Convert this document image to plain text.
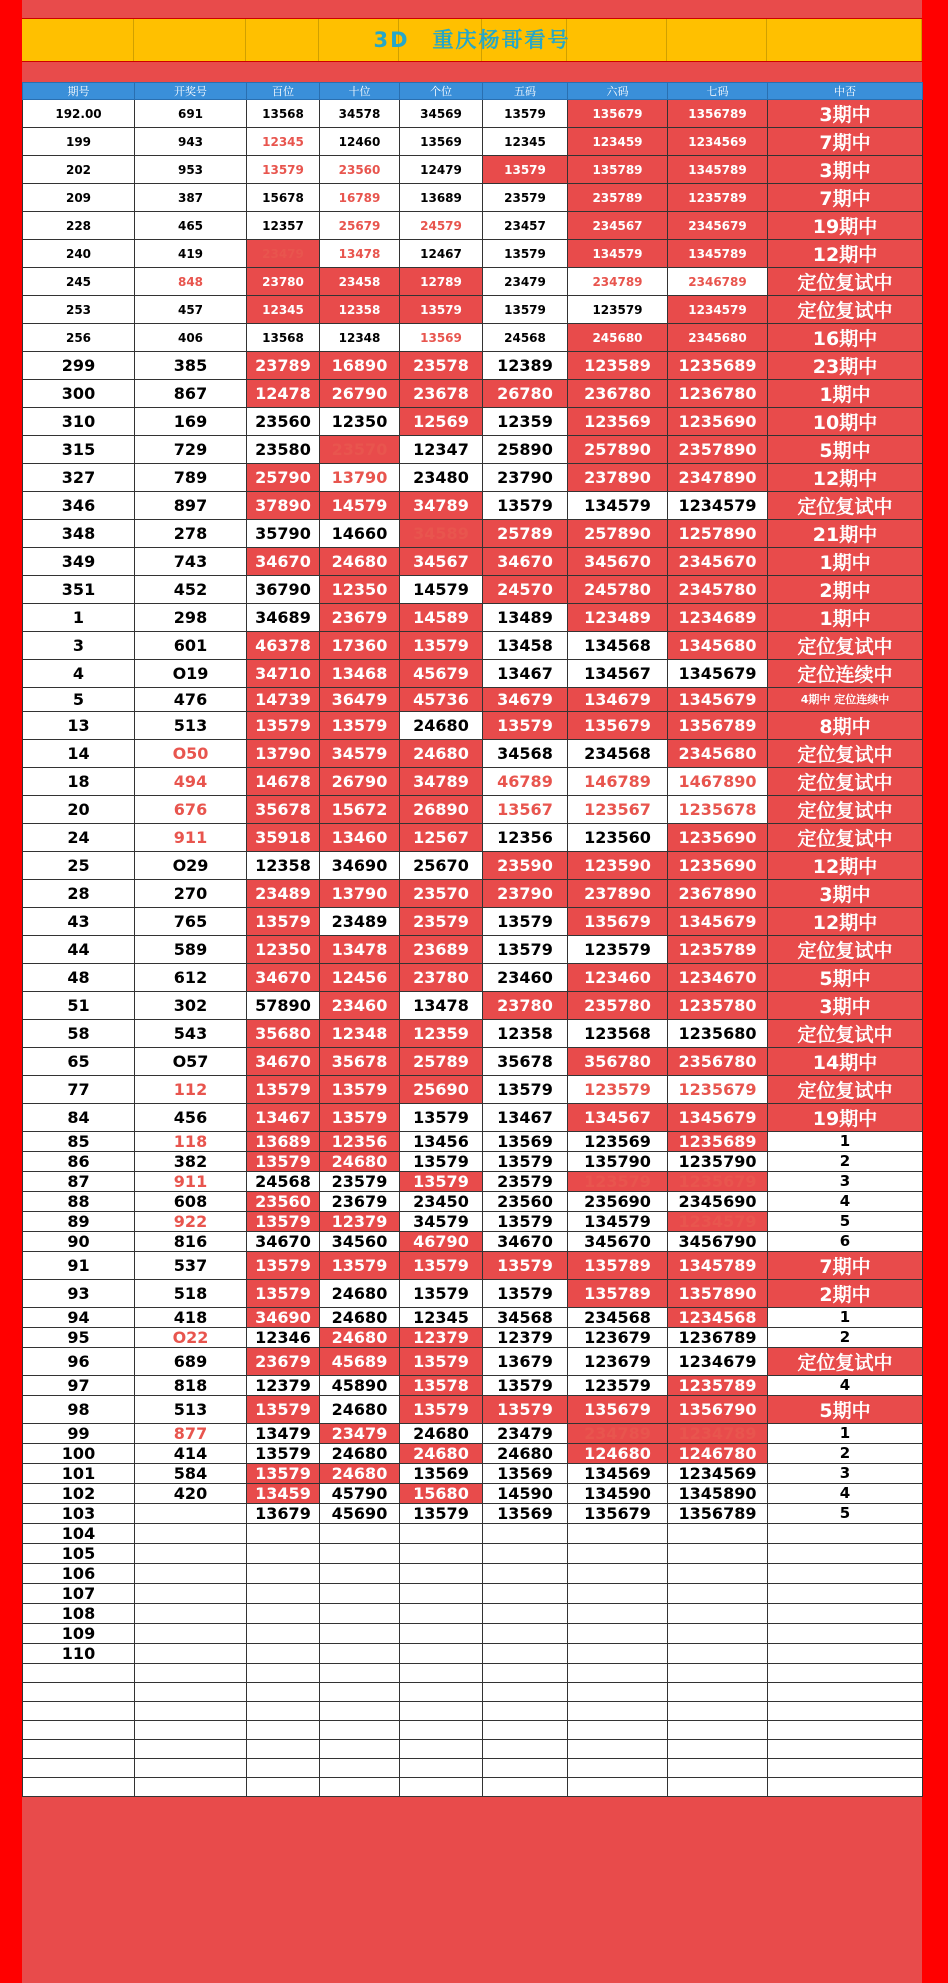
3D　重庆杨哥看号
期号	开奖号	百位	十位	个位	五码	六码	七码	中否
192.00	691	13568	34578	34569	13579	135679	1356789	3期中
199	943	12345	12460	13569	12345	123459	1234569	7期中
202	953	13579	23560	12479	13579	135789	1345789	3期中
209	387	15678	16789	13689	23579	235789	1235789	7期中
228	465	12357	25679	24579	23457	234567	2345679	19期中
240	419	23479	13478	12467	13579	134579	1345789	12期中
245	848	23780	23458	12789	23479	234789	2346789	定位复试中
253	457	12345	12358	13579	13579	123579	1234579	定位复试中
256	406	13568	12348	13569	24568	245680	2345680	16期中
299	385	23789	16890	23578	12389	123589	1235689	23期中
300	867	12478	26790	23678	26780	236780	1236780	1期中
310	169	23560	12350	12569	12359	123569	1235690	10期中
315	729	23580	23570	12347	25890	257890	2357890	5期中
327	789	25790	13790	23480	23790	237890	2347890	12期中
346	897	37890	14579	34789	13579	134579	1234579	定位复试中
348	278	35790	14660	34589	25789	257890	1257890	21期中
349	743	34670	24680	34567	34670	345670	2345670	1期中
351	452	36790	12350	14579	24570	245780	2345780	2期中
1	298	34689	23679	14589	13489	123489	1234689	1期中
3	601	46378	17360	13579	13458	134568	1345680	定位复试中
4	O19	34710	13468	45679	13467	134567	1345679	定位连续中
5	476	14739	36479	45736	34679	134679	1345679	4期中 定位连续中
13	513	13579	13579	24680	13579	135679	1356789	8期中
14	O50	13790	34579	24680	34568	234568	2345680	定位复试中
18	494	14678	26790	34789	46789	146789	1467890	定位复试中
20	676	35678	15672	26890	13567	123567	1235678	定位复试中
24	911	35918	13460	12567	12356	123560	1235690	定位复试中
25	O29	12358	34690	25670	23590	123590	1235690	12期中
28	270	23489	13790	23570	23790	237890	2367890	3期中
43	765	13579	23489	23579	13579	135679	1345679	12期中
44	589	12350	13478	23689	13579	123579	1235789	定位复试中
48	612	34670	12456	23780	23460	123460	1234670	5期中
51	302	57890	23460	13478	23780	235780	1235780	3期中
58	543	35680	12348	12359	12358	123568	1235680	定位复试中
65	O57	34670	35678	25789	35678	356780	2356780	14期中
77	112	13579	13579	25690	13579	123579	1235679	定位复试中
84	456	13467	13579	13579	13467	134567	1345679	19期中
85	118	13689	12356	13456	13569	123569	1235689	1
86	382	13579	24680	13579	13579	135790	1235790	2
87	911	24568	23579	13579	23579	123579	1235679	3
88	608	23560	23679	23450	23560	235690	2345690	4
89	922	13579	12379	34579	13579	134579	1234579	5
90	816	34670	34560	46790	34670	345670	3456790	6
91	537	13579	13579	13579	13579	135789	1345789	7期中
93	518	13579	24680	13579	13579	135789	1357890	2期中
94	418	34690	24680	12345	34568	234568	1234568	1
95	O22	12346	24680	12379	12379	123679	1236789	2
96	689	23679	45689	13579	13679	123679	1234679	定位复试中
97	818	12379	45890	13578	13579	123579	1235789	4
98	513	13579	24680	13579	13579	135679	1356790	5期中
99	877	13479	23479	24680	23479	234789	1234789	1
100	414	13579	24680	24680	24680	124680	1246780	2
101	584	13579	24680	13569	13569	134569	1234569	3
102	420	13459	45790	15680	14590	134590	1345890	4
103		13679	45690	13579	13569	135679	1356789	5
104								
105								
106								
107								
108								
109								
110								
